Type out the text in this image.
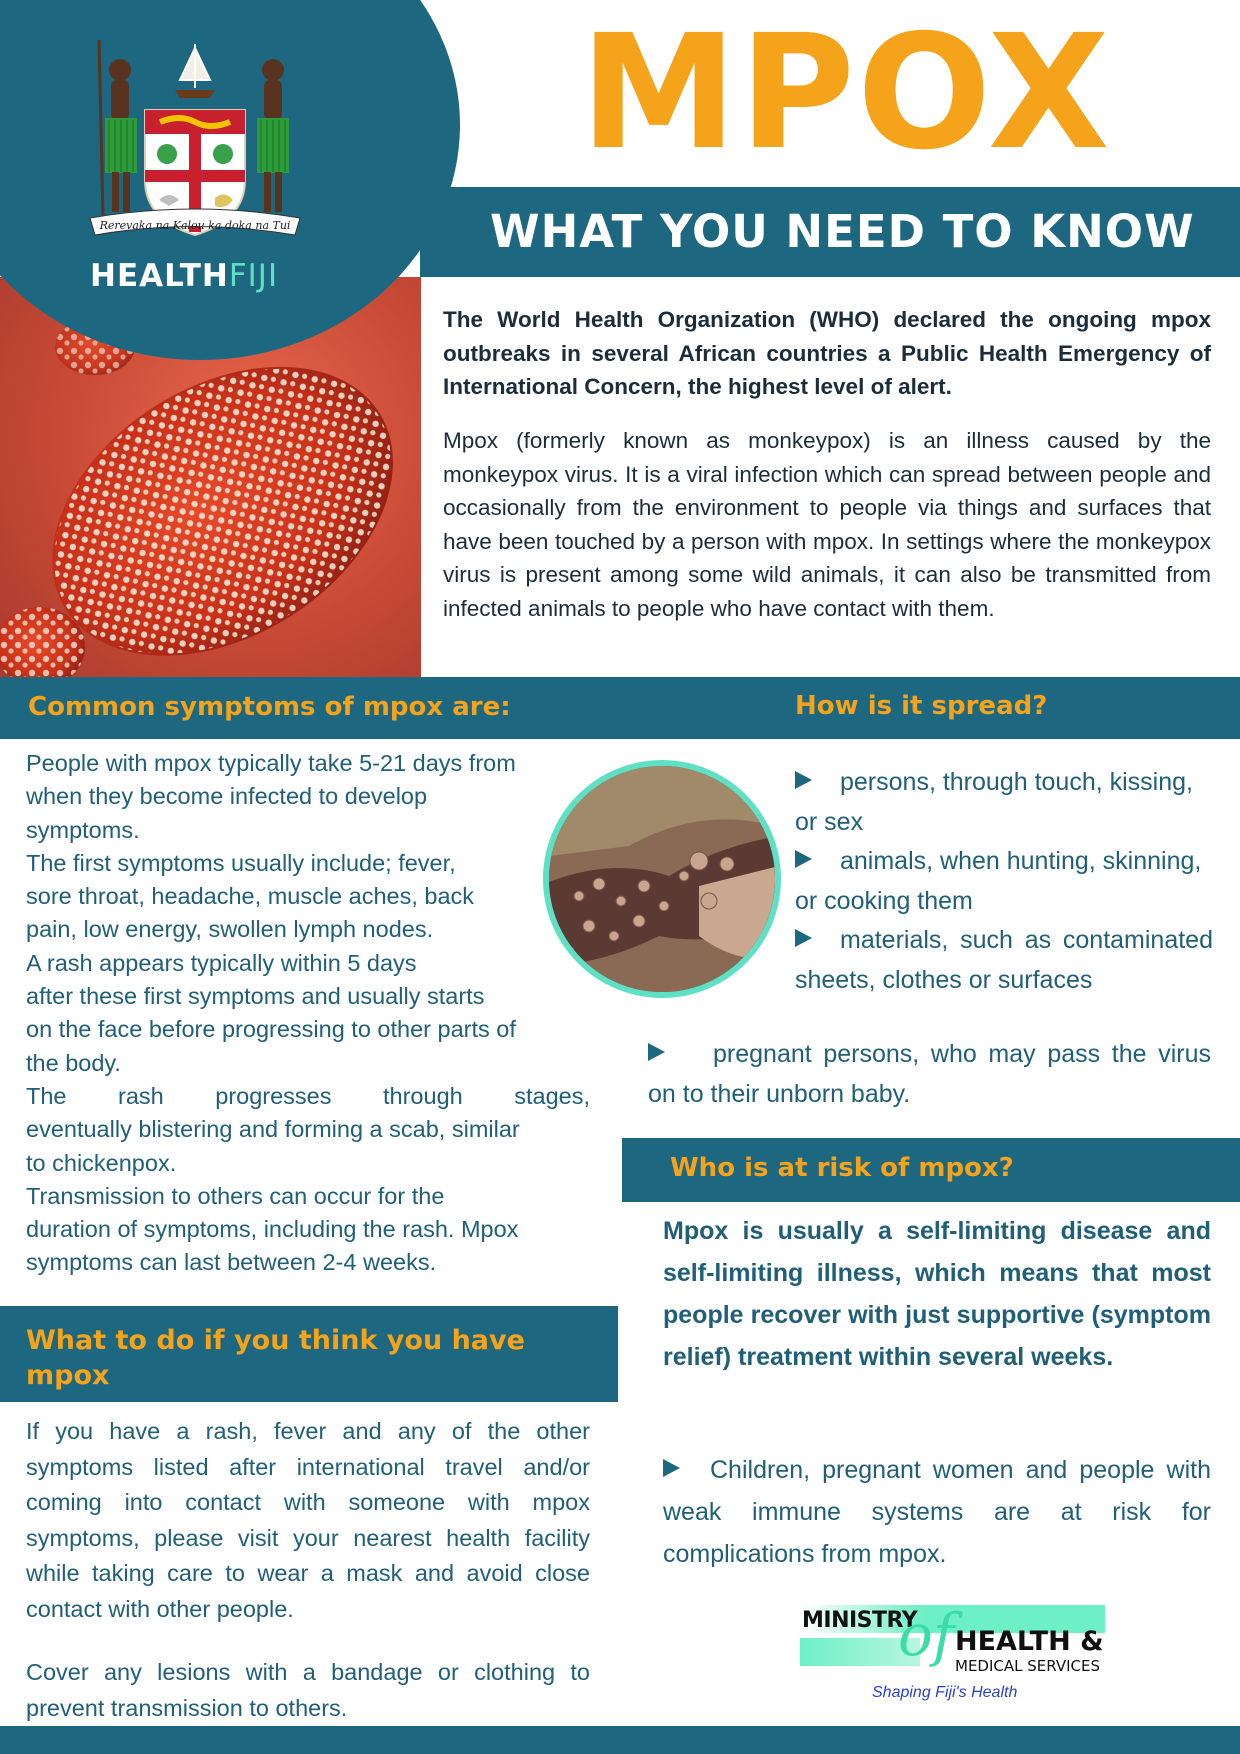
Rerevaka na Kalou ka doka na Tui
HEALTHFIJI
MPOX
WHAT YOU NEED TO KNOW
The World Health Organization (WHO) declared the ongoing mpox outbreaks in several African countries a Public Health Emergency of International Concern, the highest level of alert.
Mpox (formerly known as monkeypox) is an illness caused by the monkeypox virus. It is a viral infection which can spread between people and occasionally from the environment to people via things and surfaces that have been touched by a person with mpox. In settings where the monkeypox virus is present among some wild animals, it can also be transmitted from infected animals to people who have contact with them.
Common symptoms of mpox are:	How is it spread?
People with mpox typically take 5-21 days from
when they become infected to develop
symptoms.
The first symptoms usually include; fever,
sore throat, headache, muscle aches, back
pain, low energy, swollen lymph nodes.
A rash appears typically within 5 days
after these first symptoms and usually starts
on the face before progressing to other parts of
the body.
The rash progresses through stages,
eventually blistering and forming a scab, similar
to chickenpox.
Transmission to others can occur for the
duration of symptoms, including the rash. Mpox
symptoms can last between 2-4 weeks.
persons, through touch, kissing, or sex
animals, when hunting, skinning, or cooking them
materials, such as contaminated sheets, clothes or surfaces
pregnant persons, who may pass the virus on to their unborn baby.
Who is at risk of mpox?
Mpox is usually a self-limiting disease and self-limiting illness, which means that most people recover with just supportive (symptom relief) treatment within several weeks.
Children, pregnant women and people with weak immune systems are at risk for complications from mpox.
What to do if you think you have mpox
If you have a rash, fever and any of the other symptoms listed after international travel and/or coming into contact with someone with mpox symptoms, please visit your nearest health facility while taking care to wear a mask and avoid close contact with other people.
Cover any lesions with a bandage or clothing to prevent transmission to others.
MINISTRY
of HEALTH &
MEDICAL SERVICES
Shaping Fiji's Health
